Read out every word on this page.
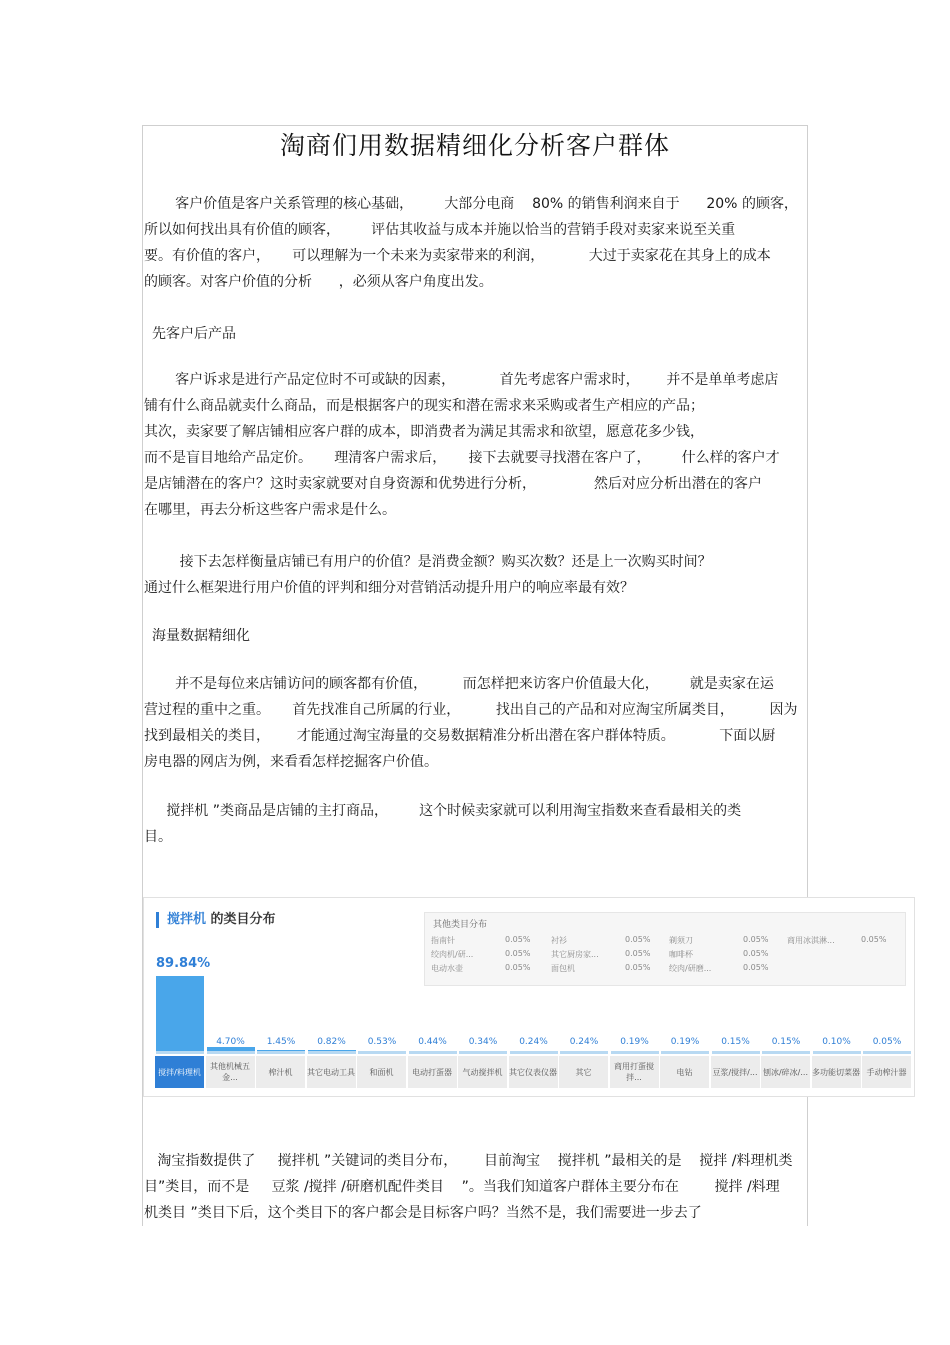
淘商们用数据精细化分析客户群体

客户价值是客户关系管理的核心基础，       大部分电商    80% 的销售利润来自于      20% 的顾客，
所以如何找出具有价值的顾客，       评估其收益与成本并施以恰当的营销手段对卖家来说至关重
要。有价值的客户，     可以理解为一个未来为卖家带来的利润，          大过于卖家花在其身上的成本
的顾客。对客户价值的分析      ，必须从客户角度出发。

先客户后产品

客户诉求是进行产品定位时不可或缺的因素，          首先考虑客户需求时，      并不是单单考虑店
铺有什么商品就卖什么商品，而是根据客户的现实和潜在需求来采购或者生产相应的产品；
其次，卖家要了解店铺相应客户群的成本，即消费者为满足其需求和欲望，愿意花多少钱，
而不是盲目地给产品定价。     理清客户需求后，     接下去就要寻找潜在客户了，       什么样的客户才
是店铺潜在的客户？这时卖家就要对自身资源和优势进行分析，             然后对应分析出潜在的客户
在哪里，再去分析这些客户需求是什么。

接下去怎样衡量店铺已有用户的价值？是消费金额？购买次数？还是上一次购买时间？
通过什么框架进行用户价值的评判和细分对营销活动提升用户的响应率最有效？

海量数据精细化

并不是每位来店铺访问的顾客都有价值，        而怎样把来访客户价值最大化，       就是卖家在运
营过程的重中之重。     首先找准自己所属的行业，        找出自己的产品和对应淘宝所属类目，        因为
找到最相关的类目，      才能通过淘宝海量的交易数据精准分析出潜在客户群体特质。          下面以厨
房电器的网店为例，来看看怎样挖掘客户价值。

搅拌机 ”类商品是店铺的主打商品，       这个时候卖家就可以利用淘宝指数来查看最相关的类
目。

搅拌机 的类目分布	其他类目分布
指南针	0.05%	衬衫	0.05% 剃须刀	0.05% 商用冰淇淋...	0.05%
绞肉机/研...	0.05%	其它厨房家...	0.05% 咖啡杯	0.05%
电动水壶	0.05%	面包机	0.05% 绞肉/研磨...	0.05%
89.84%
搅拌/料理机
4.70%
其他机械五金...
1.45%
榨汁机
0.82%
其它电动工具
0.53%
和面机
0.44%
电动打蛋器
0.34%
气动搅拌机
0.24%
其它仪表仪器
0.24%
其它
0.19%
商用打蛋搅拌...
0.19%
电钻
0.15%
豆浆/搅拌/...
0.15%
刨冰/碎冰/...
0.10%
多功能切菜器
0.05%
手动榨汁器

淘宝指数提供了     搅拌机 ”关键词的类目分布，      目前淘宝    搅拌机 ”最相关的是    搅拌 /料理机类
目”类目，而不是     豆浆 /搅拌 /研磨机配件类目    ”。当我们知道客户群体主要分布在        搅拌 /料理
机类目 ”类目下后，这个类目下的客户都会是目标客户吗？当然不是，我们需要进一步去了
